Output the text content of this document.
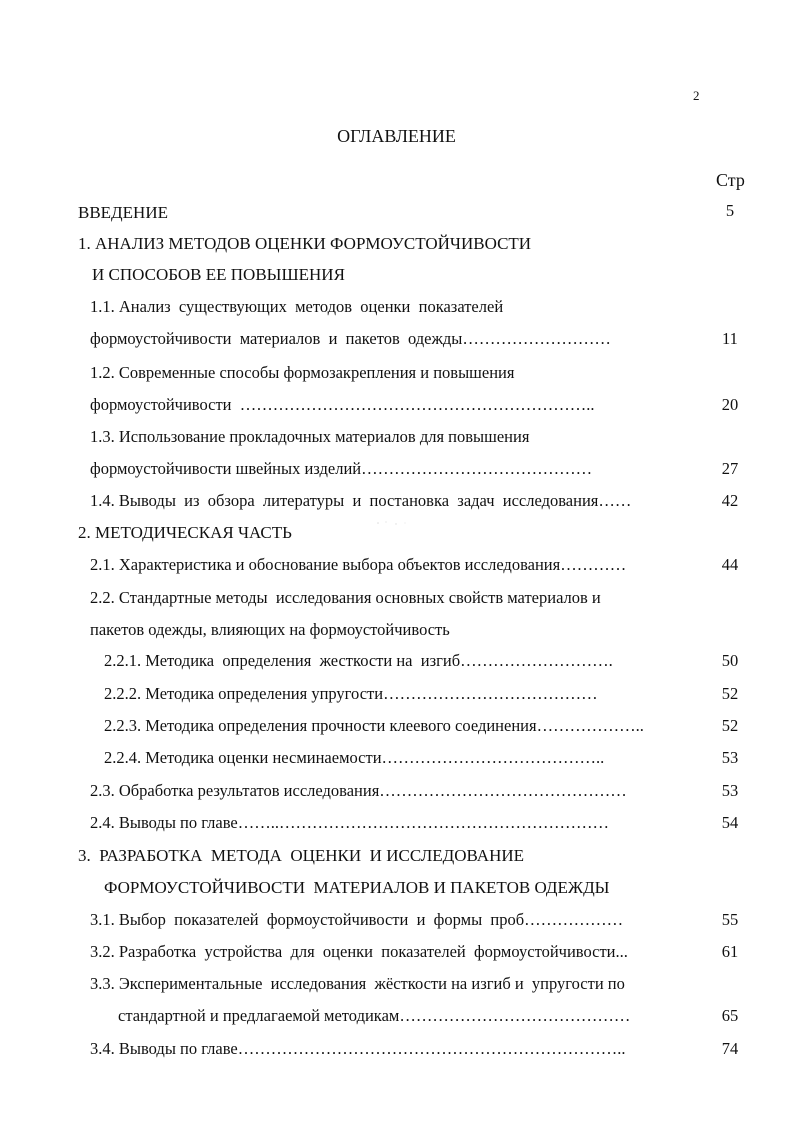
2
ОГЛАВЛЕНИЕ
Стр
ВВЕДЕНИЕ	5
1. АНАЛИЗ МЕТОДОВ ОЦЕНКИ ФОРМОУСТОЙЧИВОСТИ
И СПОСОБОВ ЕЕ ПОВЫШЕНИЯ
1.1. Анализ  существующих  методов  оценки  показателей
формоустойчивости  материалов  и  пакетов  одежды………………………	11
1.2. Современные способы формозакрепления и повышения
формоустойчивости  ………………………………………………………..	20
1.3. Использование прокладочных материалов для повышения
формоустойчивости швейных изделий……………………………………	27
1.4. Выводы  из  обзора  литературы  и  постановка  задач  исследования……	42
2. МЕТОДИЧЕСКАЯ ЧАСТЬ
2.1. Характеристика и обоснование выбора объектов исследования…………	44
2.2. Стандартные методы  исследования основных свойств материалов и
пакетов одежды, влияющих на формоустойчивость
2.2.1. Методика  определения  жесткости на  изгиб……………………….	50
2.2.2. Методика определения упругости…………………………………	52
2.2.3. Методика определения прочности клеевого соединения………………..	52
2.2.4. Методика оценки несминаемости…………………………………..	53
2.3. Обработка результатов исследования………………………………………	53
2.4. Выводы по главе……..……………………………………………………	54
3.  РАЗРАБОТКА  МЕТОДА  ОЦЕНКИ  И ИССЛЕДОВАНИЕ
ФОРМОУСТОЙЧИВОСТИ  МАТЕРИАЛОВ И ПАКЕТОВ ОДЕЖДЫ
3.1. Выбор  показателей  формоустойчивости  и  формы  проб………………	55
3.2. Разработка  устройства  для  оценки  показателей  формоустойчивости...	61
3.3. Экспериментальные  исследования  жёсткости на изгиб и  упругости по
стандартной и предлагаемой методикам……………………………………	65
3.4. Выводы по главе……………………………………………………………..	74
